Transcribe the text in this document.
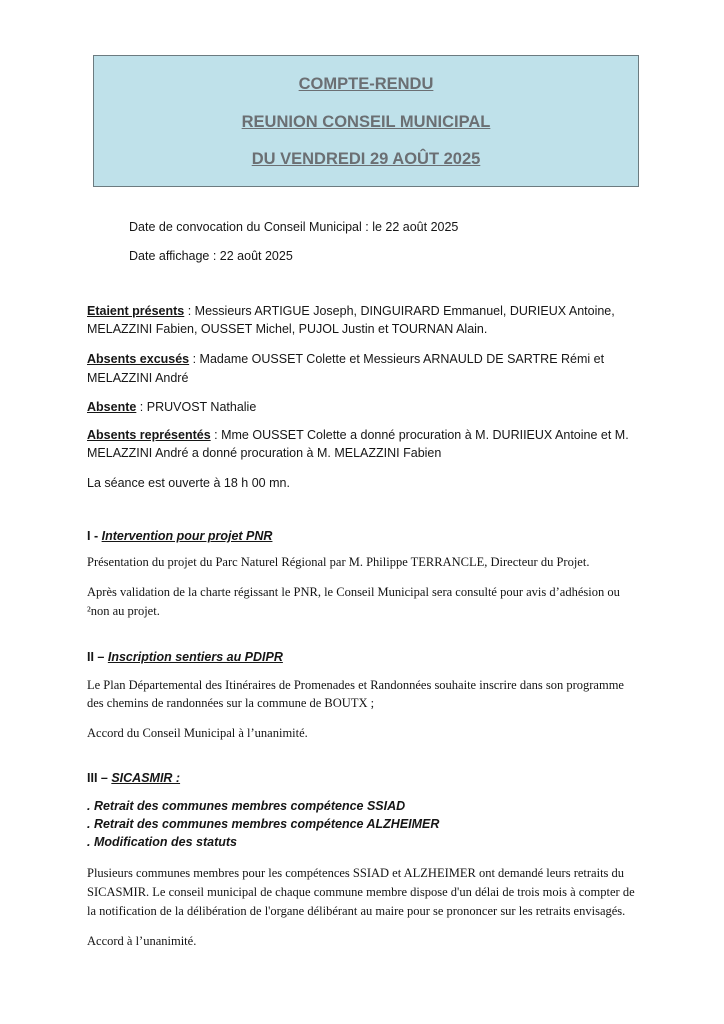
COMPTE-RENDU
REUNION CONSEIL MUNICIPAL
DU VENDREDI 29 AOÛT 2025
Date de convocation du Conseil Municipal : le 22 août 2025
Date affichage : 22 août 2025
Etaient présents : Messieurs ARTIGUE Joseph, DINGUIRARD Emmanuel, DURIEUX Antoine,
MELAZZINI Fabien, OUSSET Michel, PUJOL Justin et TOURNAN Alain.
Absents excusés : Madame OUSSET Colette et Messieurs ARNAULD DE SARTRE Rémi et
MELAZZINI André
Absente : PRUVOST Nathalie
Absents représentés : Mme OUSSET Colette a donné procuration à M. DURIIEUX Antoine et M.
MELAZZINI André a donné procuration à M. MELAZZINI Fabien
La séance est ouverte à 18 h 00 mn.
I - Intervention pour projet PNR
Présentation du projet du Parc Naturel Régional par M. Philippe TERRANCLE, Directeur du Projet.
Après validation de la charte régissant le PNR, le Conseil Municipal sera consulté pour avis d’adhésion ou
²non au projet.
II – Inscription sentiers au PDIPR
Le Plan Départemental des Itinéraires de Promenades et Randonnées souhaite inscrire dans son programme
des chemins de randonnées sur la commune de BOUTX ;
Accord du Conseil Municipal à l’unanimité.
III – SICASMIR :
. Retrait des communes membres compétence SSIAD
. Retrait des communes membres compétence ALZHEIMER
. Modification des statuts
Plusieurs communes membres pour les compétences SSIAD et ALZHEIMER ont demandé leurs retraits du
SICASMIR. Le conseil municipal de chaque commune membre dispose d'un délai de trois mois à compter de
la notification de la délibération de l'organe délibérant au maire pour se prononcer sur les retraits envisagés.
Accord à l’unanimité.
